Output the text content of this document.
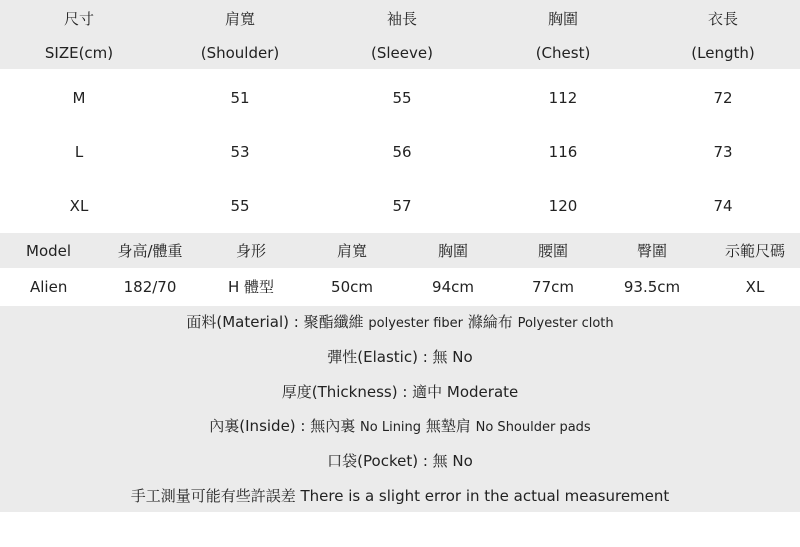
尺寸	肩寬	袖長	胸圍	衣長
SIZE(cm)	(Shoulder)	(Sleeve)	(Chest)	(Length)
M	51	55	112	72
L	53	56	116	73
XL	55	57	120	74
Model	身高/體重	身形	肩寬	胸圍	腰圍	臀圍	示範尺碼
Alien	182/70	H 體型	50cm	94cm	77cm	93.5cm	XL
面料(Material) : 聚酯纖維 polyester fiber 滌綸布 Polyester cloth
彈性(Elastic) : 無 No
厚度(Thickness) : 適中 Moderate
內裏(Inside) : 無內裏 No Lining 無墊肩 No Shoulder pads
口袋(Pocket) : 無 No
手工測量可能有些許誤差 There is a slight error in the actual measurement
